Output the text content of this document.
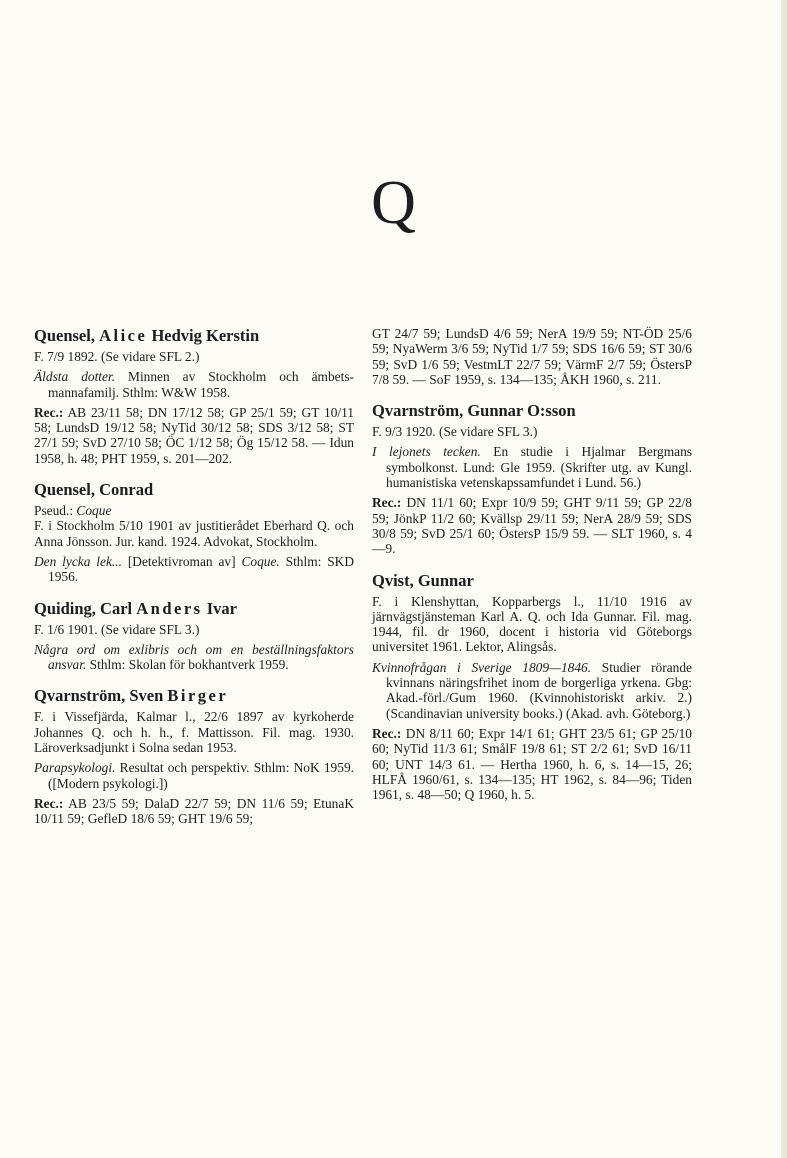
Q
Quensel, Alice Hedvig Kerstin

F. 7/9 1892. (Se vidare SFL 2.)

Äldsta dotter. Minnen av Stockholm och ämbets-mannafamilj. Sthlm: W&W 1958.

Rec.: AB 23/11 58; DN 17/12 58; GP 25/1 59; GT 10/11 58; LundsD 19/12 58; NyTid 30/12 58; SDS 3/12 58; ST 27/1 59; SvD 27/10 58; ÖC 1/12 58; Ög 15/12 58. — Idun 1958, h. 48; PHT 1959, s. 201—202.

Quensel, Conrad

Pseud.: Coque

F. i Stockholm 5/10 1901 av justitierådet Eberhard Q. och Anna Jönsson. Jur. kand. 1924. Advokat, Stockholm.

Den lycka lek... [Detektivroman av] Coque. Sthlm: SKD 1956.

Quiding, Carl Anders Ivar

F. 1/6 1901. (Se vidare SFL 3.)

Några ord om exlibris och om en beställningsfaktors ansvar. Sthlm: Skolan för bokhantverk 1959.

Qvarnström, Sven Birger

F. i Vissefjärda, Kalmar l., 22/6 1897 av kyrkoherde Johannes Q. och h. h., f. Mattisson. Fil. mag. 1930. Läroverksadjunkt i Solna sedan 1953.

Parapsykologi. Resultat och perspektiv. Sthlm: NoK 1959. ([Modern psykologi.])

Rec.: AB 23/5 59; DalaD 22/7 59; DN 11/6 59; EtunaK 10/11 59; GefleD 18/6 59; GHT 19/6 59;

GT 24/7 59; LundsD 4/6 59; NerA 19/9 59; NT-ÖD 25/6 59; NyaWerm 3/6 59; NyTid 1/7 59; SDS 16/6 59; ST 30/6 59; SvD 1/6 59; VestmLT 22/7 59; VärmF 2/7 59; ÖstersP 7/8 59. — SoF 1959, s. 134—135; ÅKH 1960, s. 211.

Qvarnström, Gunnar O:sson

F. 9/3 1920. (Se vidare SFL 3.)

I lejonets tecken. En studie i Hjalmar Bergmans symbolkonst. Lund: Gle 1959. (Skrifter utg. av Kungl. humanistiska vetenskapssamfundet i Lund. 56.)

Rec.: DN 11/1 60; Expr 10/9 59; GHT 9/11 59; GP 22/8 59; JönkP 11/2 60; Kvällsp 29/11 59; NerA 28/9 59; SDS 30/8 59; SvD 25/1 60; ÖstersP 15/9 59. — SLT 1960, s. 4—9.

Qvist, Gunnar

F. i Klenshyttan, Kopparbergs l., 11/10 1916 av järnvägstjänsteman Karl A. Q. och Ida Gunnar. Fil. mag. 1944, fil. dr 1960, docent i historia vid Göteborgs universitet 1961. Lektor, Alingsås.

Kvinnofrågan i Sverige 1809—1846. Studier rörande kvinnans näringsfrihet inom de borgerliga yrkena. Gbg: Akad.-förl./Gum 1960. (Kvinnohistoriskt arkiv. 2.) (Scandinavian university books.) (Akad. avh. Göteborg.)

Rec.: DN 8/11 60; Expr 14/1 61; GHT 23/5 61; GP 25/10 60; NyTid 11/3 61; SmålF 19/8 61; ST 2/2 61; SvD 16/11 60; UNT 14/3 61. — Hertha 1960, h. 6, s. 14—15, 26; HLFÅ 1960/61, s. 134—135; HT 1962, s. 84—96; Tiden 1961, s. 48—50; Q 1960, h. 5.
